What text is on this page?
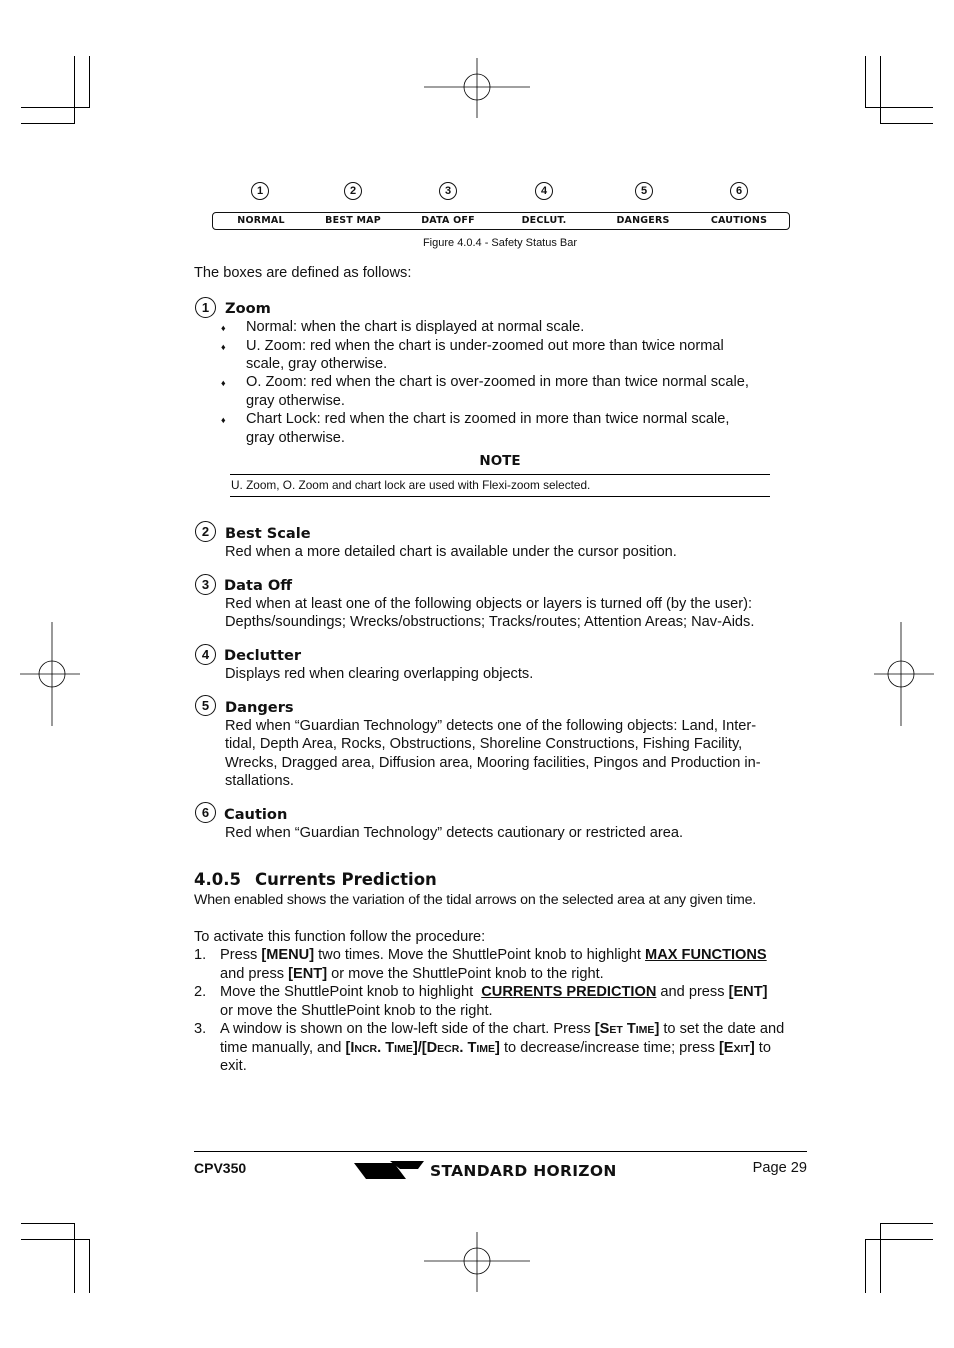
1	2	3	4	5	6
NORMAL	BEST MAP	DATA OFF	DECLUT.	DANGERS	CAUTIONS
Figure 4.0.4 - Safety Status Bar
The boxes are defined as follows:
1	Zoom
♦ Normal: when the chart is displayed at normal scale.
♦ U. Zoom: red when the chart is under-zoomed out more than twice normal
scale, gray otherwise.
♦ O. Zoom: red when the chart is over-zoomed in more than twice normal scale,
gray otherwise.
♦ Chart Lock: red when the chart is zoomed in more than twice normal scale,
gray otherwise.
NOTE
U. Zoom, O. Zoom and chart lock are used with Flexi-zoom selected.
2	Best Scale
Red when a more detailed chart is available under the cursor position.
3	Data Off
Red when at least one of the following objects or layers is turned off (by the user):
Depths/soundings; Wrecks/obstructions; Tracks/routes; Attention Areas; Nav-Aids.
4	Declutter
Displays red when clearing overlapping objects.
5	Dangers
Red when “Guardian Technology” detects one of the following objects: Land, Inter-
tidal, Depth Area, Rocks, Obstructions, Shoreline Constructions, Fishing Facility,
Wrecks, Dragged area, Diffusion area, Mooring facilities, Pingos and Production in-
stallations.
6	Caution
Red when “Guardian Technology” detects cautionary or restricted area.
4.0.5 Currents Prediction
When enabled shows the variation of the tidal arrows on the selected area at any given time.
To activate this function follow the procedure:
1. Press [MENU] two times. Move the ShuttlePoint knob to highlight MAX FUNCTIONS
and press [ENT] or move the ShuttlePoint knob to the right.
2. Move the ShuttlePoint knob to highlight  CURRENTS PREDICTION and press [ENT]
or move the ShuttlePoint knob to the right.
3. A window is shown on the low-left side of the chart. Press [SET TIME] to set the date and
time manually, and [INCR. TIME]/[DECR. TIME] to decrease/increase time; press [EXIT] to
exit.
CPV350	STANDARD HORIZON	Page 29
